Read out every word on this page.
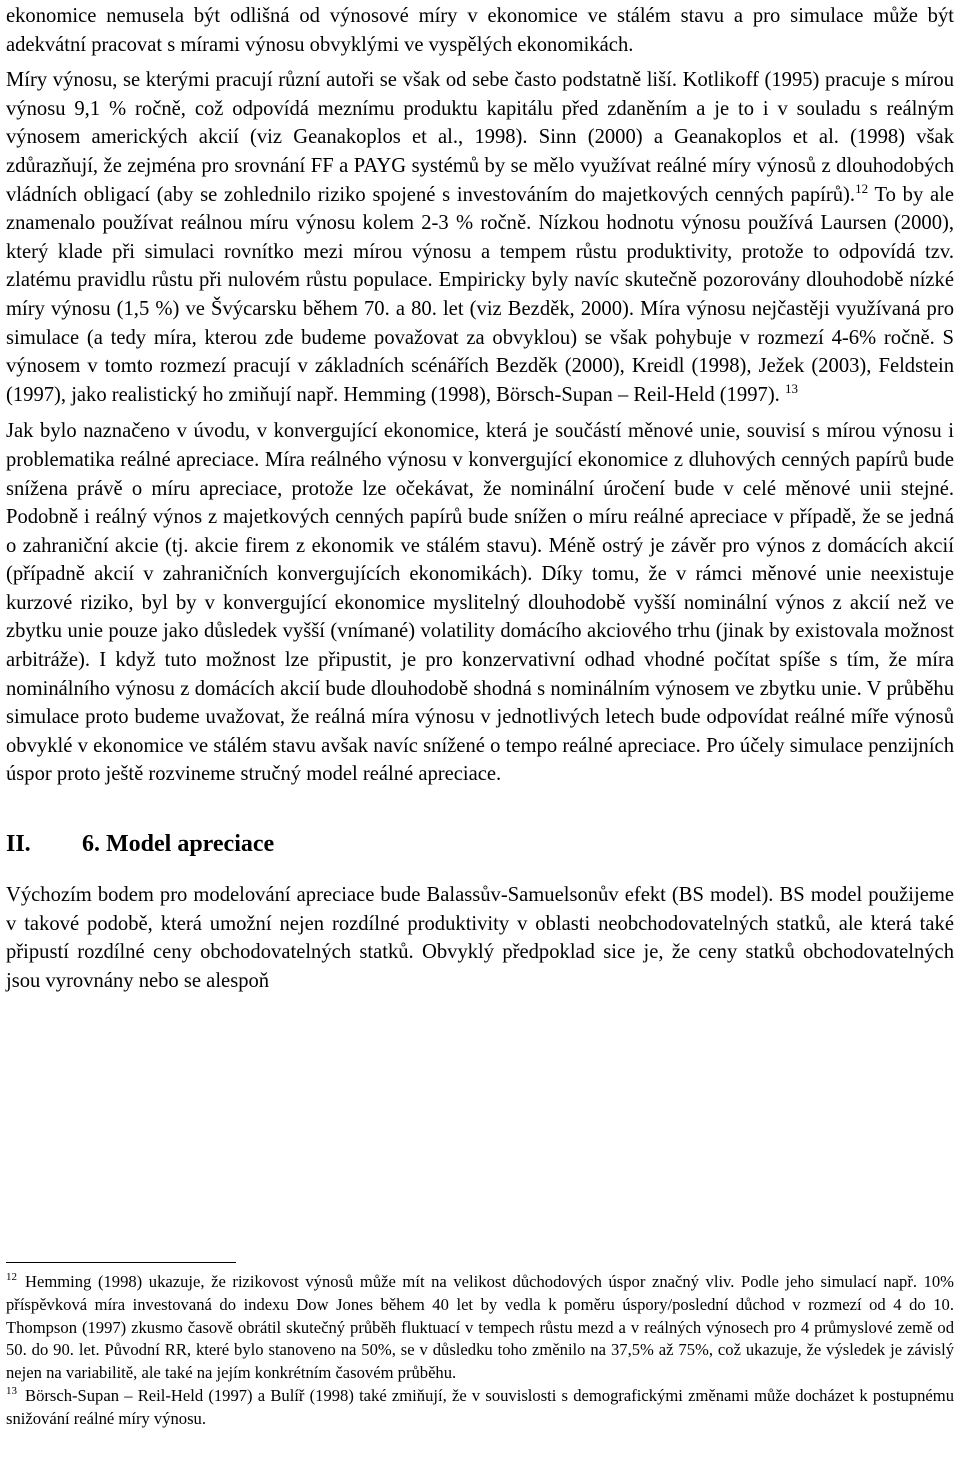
ekonomice nemusela být odlišná od výnosové míry v ekonomice ve stálém stavu a pro simulace může být adekvátní pracovat s mírami výnosu obvyklými ve vyspělých ekonomikách.

Míry výnosu, se kterými pracují různí autoři se však od sebe často podstatně liší. Kotlikoff (1995) pracuje s mírou výnosu 9,1 % ročně, což odpovídá meznímu produktu kapitálu před zdaněním a je to i v souladu s reálným výnosem amerických akcií (viz Geanakoplos et al., 1998). Sinn (2000) a Geanakoplos et al. (1998) však zdůrazňují, že zejména pro srovnání FF a PAYG systémů by se mělo využívat reálné míry výnosů z dlouhodobých vládních obligací (aby se zohlednilo riziko spojené s investováním do majetkových cenných papírů).$^{12}$ To by ale znamenalo používat reálnou míru výnosu kolem 2-3 % ročně. Nízkou hodnotu výnosu používá Laursen (2000), který klade při simulaci rovnítko mezi mírou výnosu a tempem růstu produktivity, protože to odpovídá tzv. zlatému pravidlu růstu při nulovém růstu populace. Empiricky byly navíc skutečně pozorovány dlouhodobě nízké míry výnosu (1,5 %) ve Švýcarsku během 70. a 80. let (viz Bezděk, 2000). Míra výnosu nejčastěji využívaná pro simulace (a tedy míra, kterou zde budeme považovat za obvyklou) se však pohybuje v rozmezí 4-6% ročně. S výnosem v tomto rozmezí pracují v základních scénářích Bezděk (2000), Kreidl (1998), Ježek (2003), Feldstein (1997), jako realistický ho zmiňují např. Hemming (1998), Börsch-Supan – Reil-Held (1997). $^{13}$

Jak bylo naznačeno v úvodu, v konvergující ekonomice, která je součástí měnové unie, souvisí s mírou výnosu i problematika reálné apreciace. Míra reálného výnosu v konvergující ekonomice z dluhových cenných papírů bude snížena právě o míru apreciace, protože lze očekávat, že nominální úročení bude v celé měnové unii stejné. Podobně i reálný výnos z majetkových cenných papírů bude snížen o míru reálné apreciace v případě, že se jedná o zahraniční akcie (tj. akcie firem z ekonomik ve stálém stavu). Méně ostrý je závěr pro výnos z domácích akcií (případně akcií v zahraničních konvergujících ekonomikách). Díky tomu, že v rámci měnové unie neexistuje kurzové riziko, byl by v konvergující ekonomice myslitelný dlouhodobě vyšší nominální výnos z akcií než ve zbytku unie pouze jako důsledek vyšší (vnímané) volatility domácího akciového trhu (jinak by existovala možnost arbitráže). I když tuto možnost lze připustit, je pro konzervativní odhad vhodné počítat spíše s tím, že míra nominálního výnosu z domácích akcií bude dlouhodobě shodná s nominálním výnosem ve zbytku unie. V průběhu simulace proto budeme uvažovat, že reálná míra výnosu v jednotlivých letech bude odpovídat reálné míře výnosů obvyklé v ekonomice ve stálém stavu avšak navíc snížené o tempo reálné apreciace. Pro účely simulace penzijních úspor proto ještě rozvineme stručný model reálné apreciace.

II.	6. Model apreciace

Výchozím bodem pro modelování apreciace bude Balassův-Samuelsonův efekt (BS model). BS model použijeme v takové podobě, která umožní nejen rozdílné produktivity v oblasti neobchodovatelných statků, ale která také připustí rozdílné ceny obchodovatelných statků. Obvyklý předpoklad sice je, že ceny statků obchodovatelných jsou vyrovnány nebo se alespoň

$^{12}$ Hemming (1998) ukazuje, že rizikovost výnosů může mít na velikost důchodových úspor značný vliv. Podle jeho simulací např. 10% příspěvková míra investovaná do indexu Dow Jones během 40 let by vedla k poměru úspory/poslední důchod v rozmezí od 4 do 10. Thompson (1997) zkusmo časově obrátil skutečný průběh fluktuací v tempech růstu mezd a v reálných výnosech pro 4 průmyslové země od 50. do 90. let. Původní RR, které bylo stanoveno na 50%, se v důsledku toho změnilo na 37,5% až 75%, což ukazuje, že výsledek je závislý nejen na variabilitě, ale také na jejím konkrétním časovém průběhu.

$^{13}$ Börsch-Supan – Reil-Held (1997) a Bulíř (1998) také zmiňují, že v souvislosti s demografickými změnami může docházet k postupnému snižování reálné míry výnosu.
